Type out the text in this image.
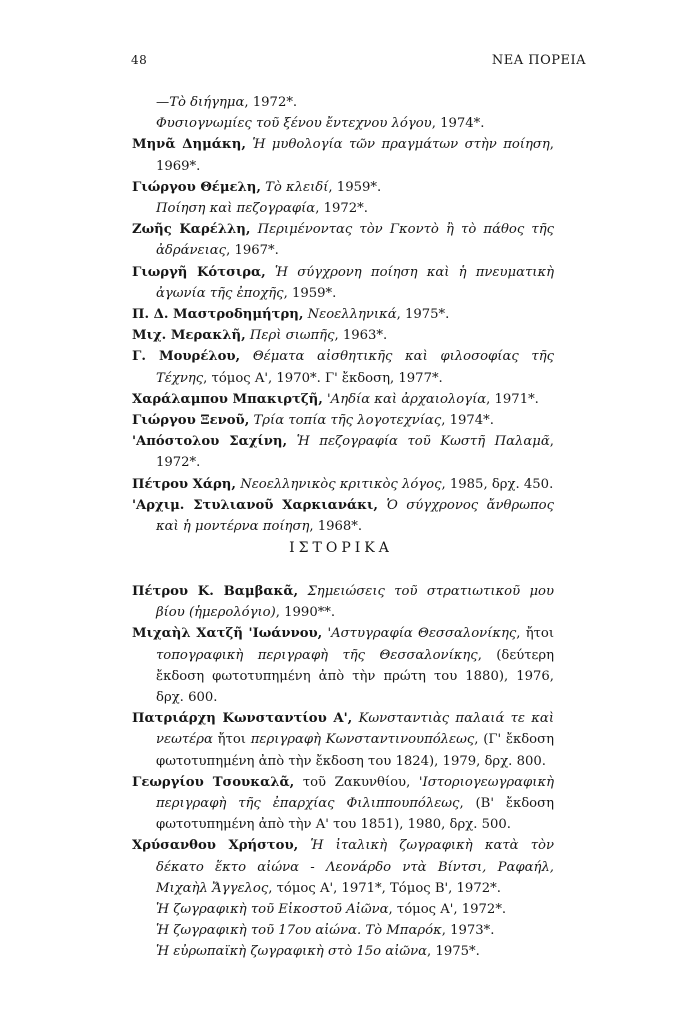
48	ΝΕΑ ΠΟΡΕΙΑ

—Τὸ διήγημα, 1972*.

Φυσιογνωμίες τοῦ ξένου ἔντεχνου λόγου, 1974*.

Μηνᾶ Δημάκη, Ἡ μυθολογία τῶν πραγμάτων στὴν ποίηση, 1969*.

Γιώργου Θέμελη, Τὸ κλειδί, 1959*.

Ποίηση καὶ πεζογραφία, 1972*.

Ζωῆς Καρέλλη, Περιμένοντας τὸν Γκοντὸ ἢ τὸ πάθος τῆς ἀδράνειας, 1967*.

Γιωργῆ Κότσιρα, Ἡ σύγχρονη ποίηση καὶ ἡ πνευματικὴ ἀγωνία τῆς ἐποχῆς, 1959*.

Π. Δ. Μαστροδημήτρη, Νεοελληνικά, 1975*.

Μιχ. Μερακλῆ, Περὶ σιωπῆς, 1963*.

Γ. Μουρέλου, Θέματα αἰσθητικῆς καὶ φιλοσοφίας τῆς Τέχνης, τόμος Α', 1970*. Γ' ἔκδοση, 1977*.

Χαράλαμπου Μπακιρτζῆ, 'Αηδία καὶ ἀρχαιολογία, 1971*.

Γιώργου Ξενοῦ, Τρία τοπία τῆς λογοτεχνίας, 1974*.

'Απόστολου Σαχίνη, Ἡ πεζογραφία τοῦ Κωστῆ Παλαμᾶ, 1972*.

Πέτρου Χάρη, Νεοελληνικὸς κριτικὸς λόγος, 1985, δρχ. 450.

'Αρχιμ. Στυλιανοῦ Χαρκιανάκι, Ὁ σύγχρονος ἄνθρωπος καὶ ἡ μοντέρνα ποίηση, 1968*.

ΙΣΤΟΡΙΚΑ

Πέτρου Κ. Βαμβακᾶ, Σημειώσεις τοῦ στρατιωτικοῦ μου βίου (ἡμερολόγιο), 1990**.

Μιχαὴλ Χατζῆ 'Ιωάννου, 'Αστυγραφία Θεσσαλονίκης, ἤτοι τοπογραφικὴ περιγραφὴ τῆς Θεσσαλονίκης, (δεύτερη ἔκδοση φωτοτυπημένη ἀπὸ τὴν πρώτη του 1880), 1976, δρχ. 600.

Πατριάρχη Κωνσταντίου Α', Κωνσταντιὰς παλαιά τε καὶ νεωτέρα ἤτοι περιγραφὴ Κωνσταντινουπόλεως, (Γ' ἔκδοση φωτοτυπημένη ἀπὸ τὴν ἔκδοση του 1824), 1979, δρχ. 800.

Γεωργίου Τσουκαλᾶ, τοῦ Ζακυνθίου, 'Ιστοριογεωγραφικὴ περιγραφὴ τῆς ἐπαρχίας Φιλιππουπόλεως, (Β' ἔκδοση φωτοτυπημένη ἀπὸ τὴν Α' του 1851), 1980, δρχ. 500.

Χρύσανθου Χρήστου, Ἡ ἰταλικὴ ζωγραφικὴ κατὰ τὸν δέκατο ἕκτο αἰώνα - Λεονάρδο ντὰ Βίντσι, Ραφαήλ, Μιχαὴλ Ἄγγελος, τόμος Α', 1971*, Τόμος Β', 1972*.

Ἡ ζωγραφικὴ τοῦ Εἰκοστοῦ Αἰῶνα, τόμος Α', 1972*.

Ἡ ζωγραφικὴ τοῦ 17ου αἰώνα. Τὸ Μπαρόκ, 1973*.

Ἡ εὐρωπαϊκὴ ζωγραφικὴ στὸ 15ο αἰῶνα, 1975*.
